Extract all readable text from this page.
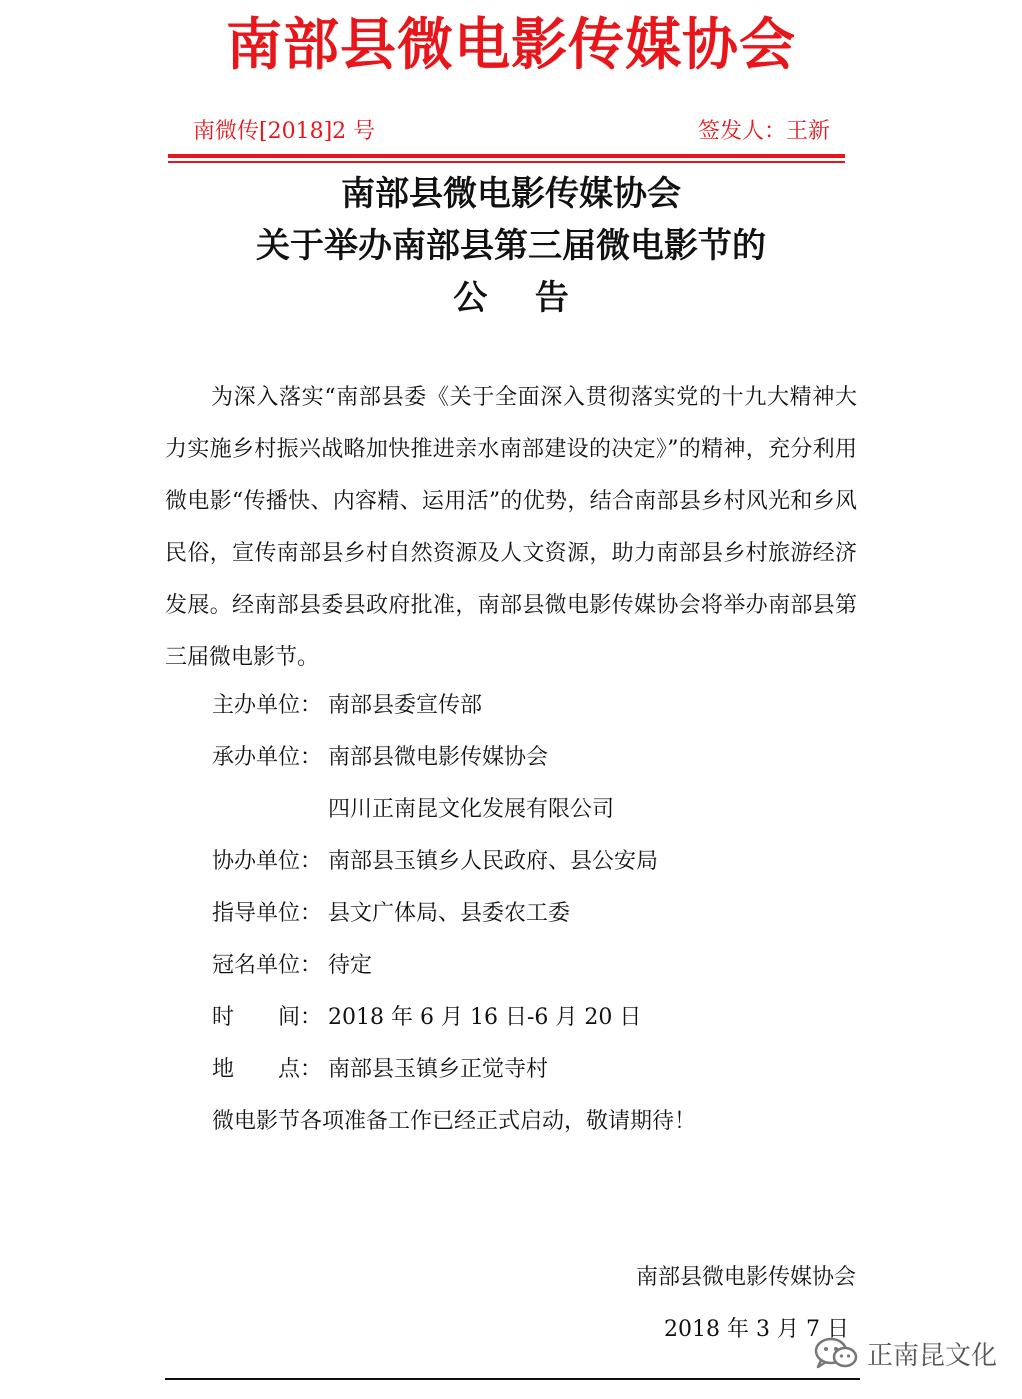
南部县微电影传媒协会
南微传[2018]2 号	签发人：王新
南部县微电影传媒协会
关于举办南部县第三届微电影节的
公告

为深入落实“南部县委《关于全面深入贯彻落实党的十九大精神大力实施乡村振兴战略加快推进亲水南部建设的决定》”的精神，充分利用微电影“传播快、内容精、运用活”的优势，结合南部县乡村风光和乡风民俗，宣传南部县乡村自然资源及人文资源，助力南部县乡村旅游经济发展。经南部县委县政府批准，南部县微电影传媒协会将举办南部县第三届微电影节。

主办单位： 南部县委宣传部
承办单位： 南部县微电影传媒协会
四川正南昆文化发展有限公司
协办单位： 南部县玉镇乡人民政府、县公安局
指导单位： 县文广体局、县委农工委
冠名单位： 待定
时　　间： 2018 年 6 月 16 日-6 月 20 日
地　　点： 南部县玉镇乡正觉寺村
微电影节各项准备工作已经正式启动，敬请期待！
南部县微电影传媒协会
2018 年 3 月 7 日
正南昆文化
